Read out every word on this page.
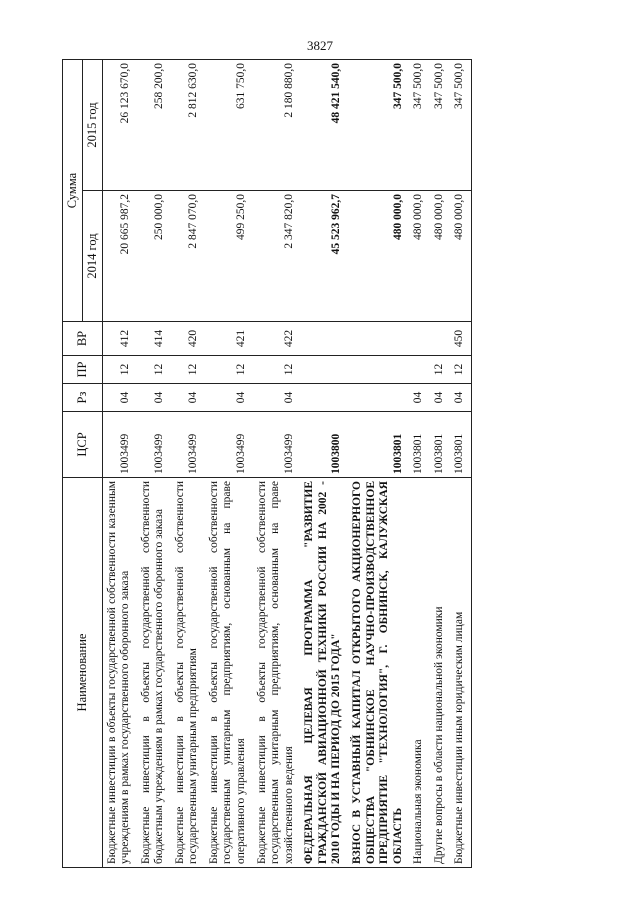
3827
Наименование	ЦСР	Рз	ПР	ВР	Сумма	
					2014 год	2015 год
Бюджетные инвестиции в объекты государственной собственности казенным учреждениям в рамках государственного оборонного заказа	1003499	04	12	412	20 665 987,2	26 123 670,0
Бюджетные инвестиции в объекты государственной собственности бюджетным учреждениям в рамках государственного оборонного заказа	1003499	04	12	414	250 000,0	258 200,0
Бюджетные инвестиции в объекты государственной собственности государственным унитарным предприятиям	1003499	04	12	420	2 847 070,0	2 812 630,0
Бюджетные инвестиции в объекты государственной собственности государственным унитарным предприятиям, основанным на праве оперативного управления	1003499	04	12	421	499 250,0	631 750,0
Бюджетные инвестиции в объекты государственной собственности государственным унитарным предприятиям, основанным на праве хозяйственного ведения	1003499	04	12	422	2 347 820,0	2 180 880,0
ФЕДЕРАЛЬНАЯ ЦЕЛЕВАЯ ПРОГРАММА "РАЗВИТИЕ ГРАЖДАНСКОЙ АВИАЦИОННОЙ ТЕХНИКИ РОССИИ НА 2002 - 2010 ГОДЫ И НА ПЕРИОД ДО 2015 ГОДА"	1003800				45 523 962,7	48 421 540,0
ВЗНОС В УСТАВНЫЙ КАПИТАЛ ОТКРЫТОГО АКЦИОНЕРНОГО ОБЩЕСТВА "ОБНИНСКОЕ НАУЧНО-ПРОИЗВОДСТВЕННОЕ ПРЕДПРИЯТИЕ "ТЕХНОЛОГИЯ", Г. ОБНИНСК, КАЛУЖСКАЯ ОБЛАСТЬ	1003801				480 000,0	347 500,0
Национальная экономика	1003801	04			480 000,0	347 500,0
Другие вопросы в области национальной экономики	1003801	04	12		480 000,0	347 500,0
Бюджетные инвестиции иным юридическим лицам	1003801	04	12	450	480 000,0	347 500,0
